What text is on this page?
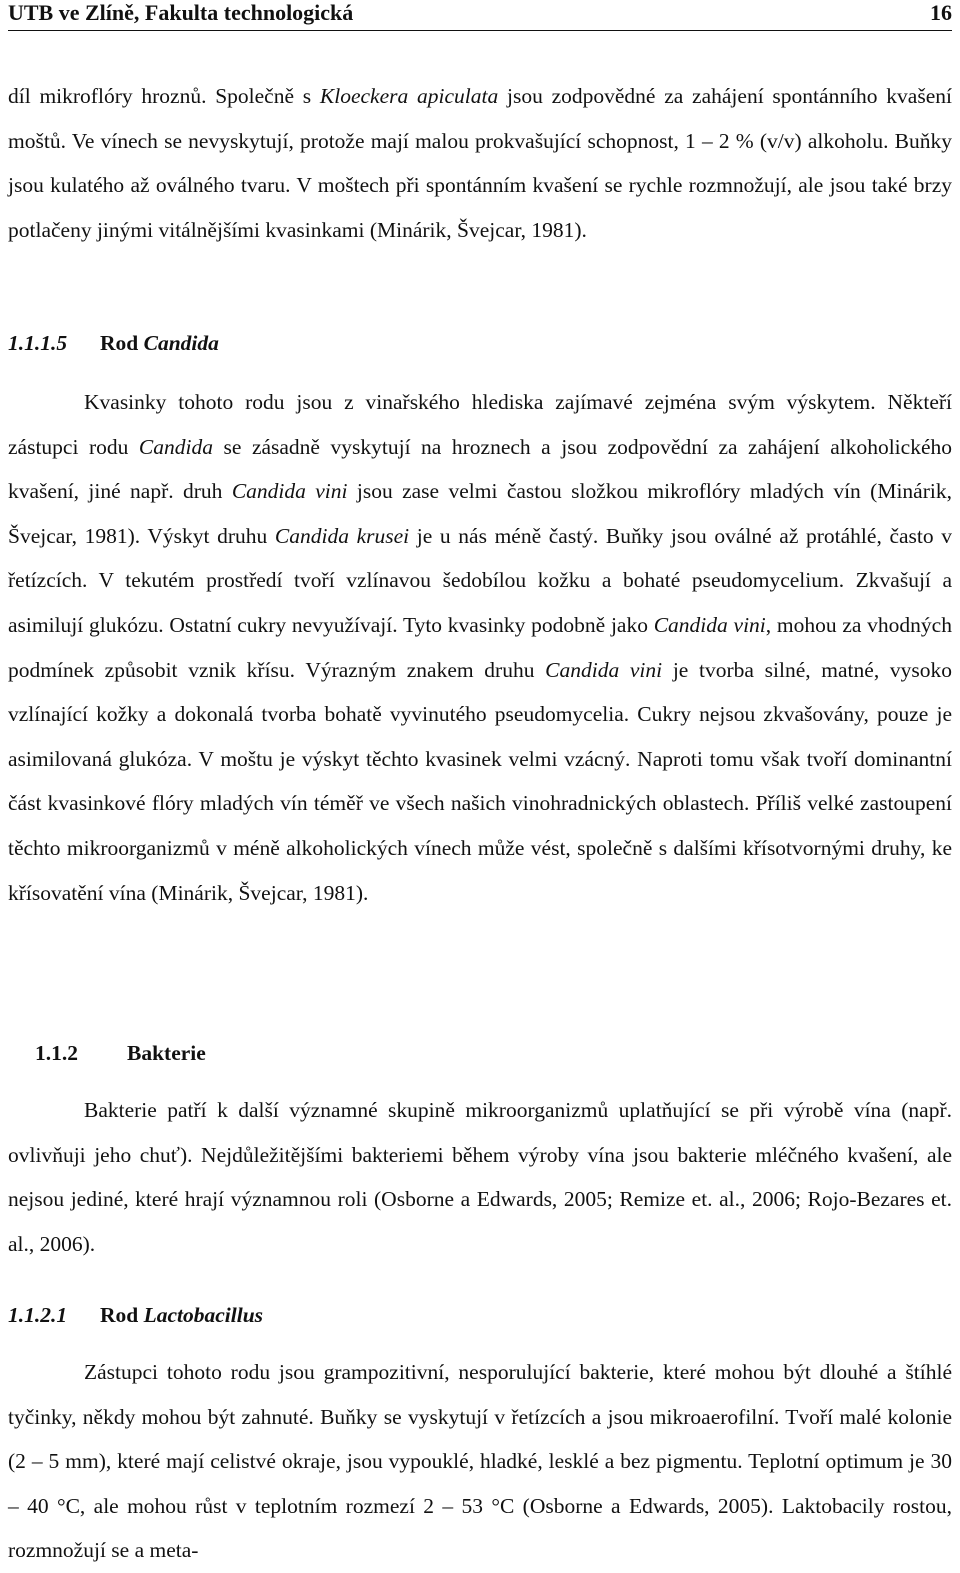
UTB ve Zlíně, Fakulta technologická	16

díl mikroflóry hroznů. Společně s Kloeckera apiculata jsou zodpovědné za zahájení spontánního kvašení moštů. Ve vínech se nevyskytují, protože mají malou prokvašující schopnost, 1 – 2 % (v/v) alkoholu. Buňky jsou kulatého až oválného tvaru. V moštech při spontánním kvašení se rychle rozmnožují, ale jsou také brzy potlačeny jinými vitálnějšími kvasinkami (Minárik, Švejcar, 1981).

1.1.1.5 Rod Candida

Kvasinky tohoto rodu jsou z vinařského hlediska zajímavé zejména svým výskytem. Někteří zástupci rodu Candida se zásadně vyskytují na hroznech a jsou zodpovědní za zahájení alkoholického kvašení, jiné např. druh Candida vini jsou zase velmi častou složkou mikroflóry mladých vín (Minárik, Švejcar, 1981). Výskyt druhu Candida krusei je u nás méně častý. Buňky jsou oválné až protáhlé, často v řetízcích. V tekutém prostředí tvoří vzlínavou šedobílou kožku a bohaté pseudomycelium. Zkvašují a asimilují glukózu. Ostatní cukry nevyužívají. Tyto kvasinky podobně jako Candida vini, mohou za vhodných podmínek způsobit vznik křísu. Výrazným znakem druhu Candida vini je tvorba silné, matné, vysoko vzlínající kožky a dokonalá tvorba bohatě vyvinutého pseudomycelia. Cukry nejsou zkvašovány, pouze je asimilovaná glukóza. V moštu je výskyt těchto kvasinek velmi vzácný. Naproti tomu však tvoří dominantní část kvasinkové flóry mladých vín téměř ve všech našich vinohradnických oblastech. Příliš velké zastoupení těchto mikroorganizmů v méně alkoholických vínech může vést, společně s dalšími křísotvornými druhy, ke křísovatění vína (Minárik, Švejcar, 1981).

1.1.2 Bakterie

Bakterie patří k další významné skupině mikroorganizmů uplatňující se při výrobě vína (např. ovlivňuji jeho chuť). Nejdůležitějšími bakteriemi během výroby vína jsou bakterie mléčného kvašení, ale nejsou jediné, které hrají významnou roli (Osborne a Edwards, 2005; Remize et. al., 2006; Rojo-Bezares et. al., 2006).

1.1.2.1 Rod Lactobacillus

Zástupci tohoto rodu jsou grampozitivní, nesporulující bakterie, které mohou být dlouhé a štíhlé tyčinky, někdy mohou být zahnuté. Buňky se vyskytují v řetízcích a jsou mikroaerofilní. Tvoří malé kolonie (2 – 5 mm), které mají celistvé okraje, jsou vypouklé, hladké, lesklé a bez pigmentu. Teplotní optimum je 30 – 40 °C, ale mohou růst v teplotním rozmezí 2 – 53 °C (Osborne a Edwards, 2005). Laktobacily rostou, rozmnožují se a meta-
